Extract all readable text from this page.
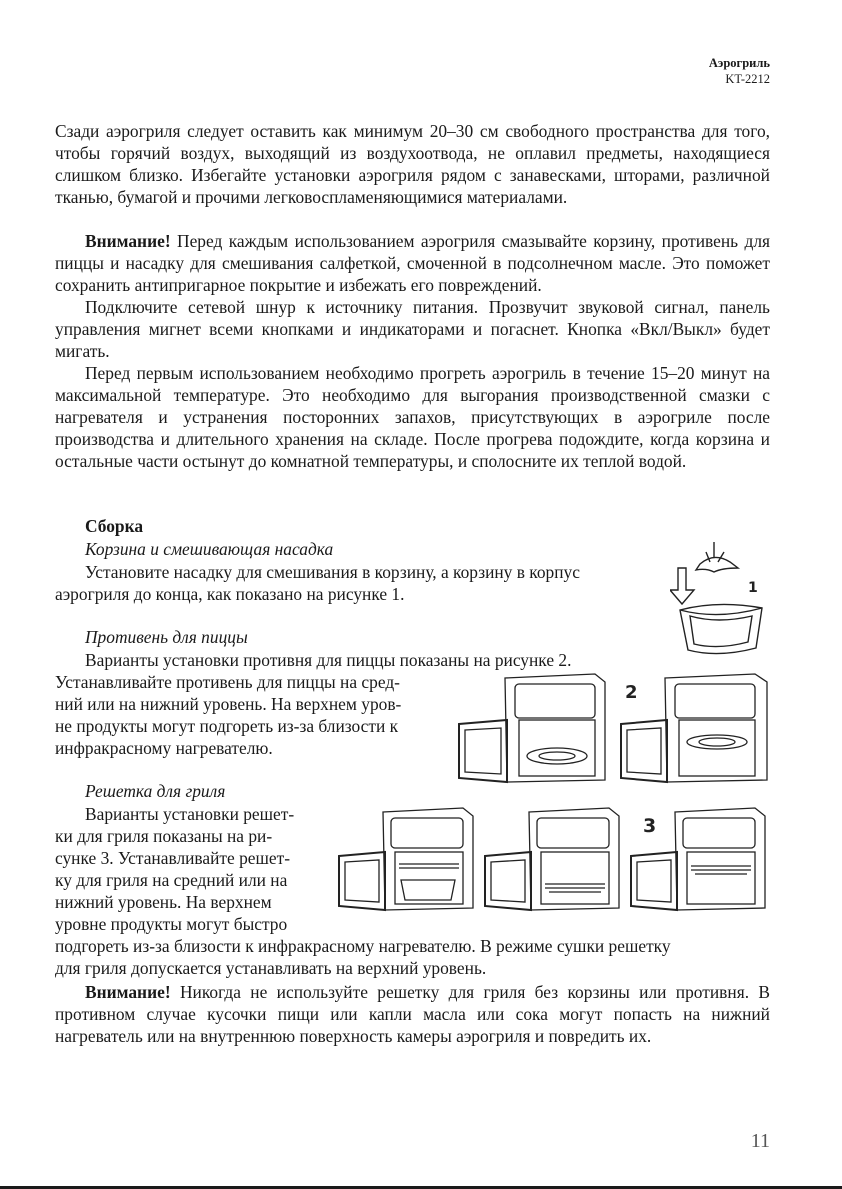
Аэрогриль
KT-2212

Сзади аэрогриля следует оставить как минимум 20–30 см свободного пространства для того, чтобы горячий воздух, выходящий из воздухоотвода, не оплавил предметы, находящиеся слишком близко. Избегайте установки аэрогриля рядом с занавесками, шторами, различной тканью, бумагой и прочими легковоспламеняющимися материалами.

Внимание! Перед каждым использованием аэрогриля смазывайте корзину, противень для пиццы и насадку для смешивания салфеткой, смоченной в подсолнечном масле. Это поможет сохранить антипригарное покрытие и избежать его повреждений.

Подключите сетевой шнур к источнику питания. Прозвучит звуковой сигнал, панель управления мигнет всеми кнопками и индикаторами и погаснет. Кнопка «Вкл/Выкл» будет мигать.

Перед первым использованием необходимо прогреть аэрогриль в течение 15–20 минут на максимальной температуре. Это необходимо для выгорания производственной смазки с нагревателя и устранения посторонних запахов, присутствующих в аэрогриле после производства и длительного хранения на складе. После прогрева подождите, когда корзина и остальные части остынут до комнатной температуры, и сполосните их теплой водой.

Сборка
Корзина и смешивающая насадка
Установите насадку для смешивания в корзину, а корзину в корпус
аэрогриля до конца, как показано на рисунке 1.
Противень для пиццы
Варианты установки противня для пиццы показаны на рисунке 2.
Устанавливайте противень для пиццы на сред-
ний или на нижний уровень. На верхнем уров-
не продукты могут подгореть из-за близости к
инфракрасному нагревателю.
Решетка для гриля
Варианты установки решет-
ки для гриля показаны на ри-
сунке 3. Устанавливайте решет-
ку для гриля на средний или на
нижний уровень. На верхнем
уровне продукты могут быстро
подгореть из-за близости к инфракрасному нагревателю. В режиме сушки решетку
для гриля допускается устанавливать на верхний уровень.

Внимание! Никогда не используйте решетку для гриля без корзины или противня. В противном случае кусочки пищи или капли масла или сока могут попасть на нижний нагреватель или на внутреннюю поверхность камеры аэрогриля и повредить их.

1
2
3
11
